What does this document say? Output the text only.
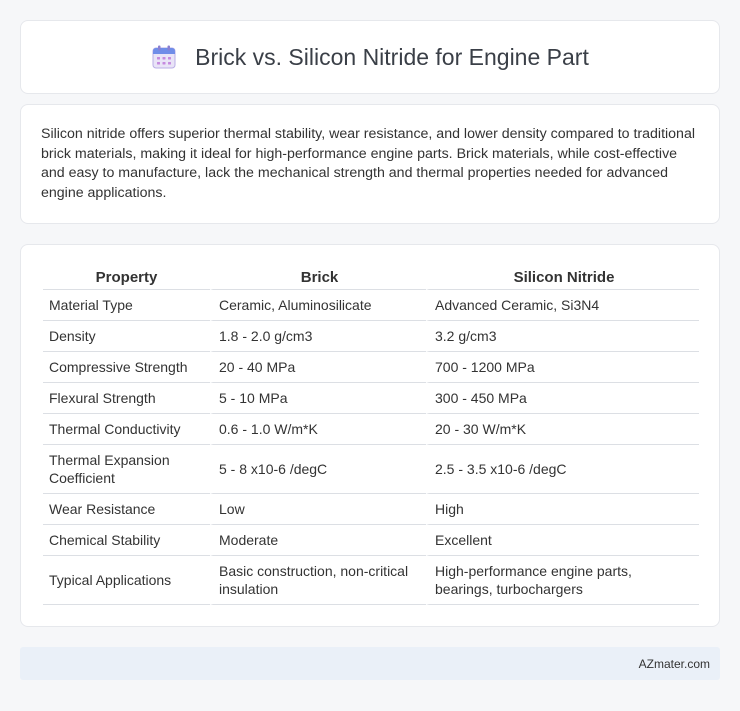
Brick vs. Silicon Nitride for Engine Part

Silicon nitride offers superior thermal stability, wear resistance, and lower density compared to traditional brick materials, making it ideal for high-performance engine parts. Brick materials, while cost-effective and easy to manufacture, lack the mechanical strength and thermal properties needed for advanced engine applications.

Property	Brick	Silicon Nitride
Material Type	Ceramic, Aluminosilicate	Advanced Ceramic, Si3N4
Density	1.8 - 2.0 g/cm3	3.2 g/cm3
Compressive Strength	20 - 40 MPa	700 - 1200 MPa
Flexural Strength	5 - 10 MPa	300 - 450 MPa
Thermal Conductivity	0.6 - 1.0 W/m*K	20 - 30 W/m*K
Thermal Expansion Coefficient	5 - 8 x10-6 /degC	2.5 - 3.5 x10-6 /degC
Wear Resistance	Low	High
Chemical Stability	Moderate	Excellent
Typical Applications	Basic construction, non-critical insulation	High-performance engine parts, bearings, turbochargers
AZmater.com
